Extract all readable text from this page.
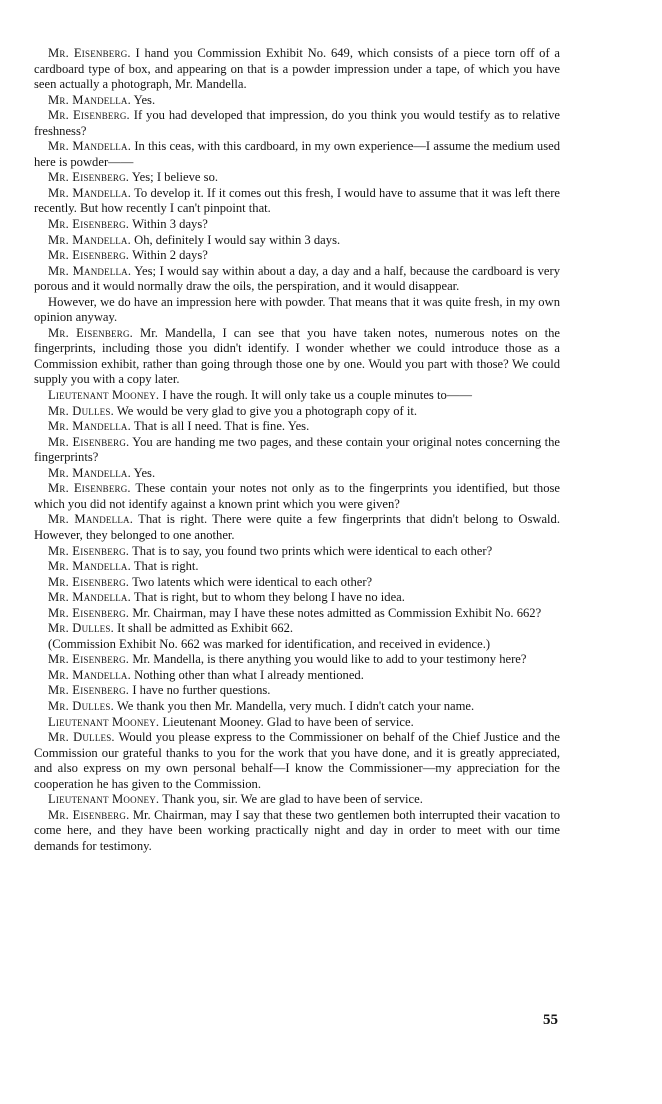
Mr. Eisenberg. I hand you Commission Exhibit No. 649, which consists of a piece torn off of a cardboard type of box, and appearing on that is a powder impression under a tape, of which you have seen actually a photograph, Mr. Mandella.

Mr. Mandella. Yes.

Mr. Eisenberg. If you had developed that impression, do you think you would testify as to relative freshness?

Mr. Mandella. In this ceas, with this cardboard, in my own experience—I assume the medium used here is powder——

Mr. Eisenberg. Yes; I believe so.

Mr. Mandella. To develop it. If it comes out this fresh, I would have to assume that it was left there recently. But how recently I can't pinpoint that.

Mr. Eisenberg. Within 3 days?

Mr. Mandella. Oh, definitely I would say within 3 days.

Mr. Eisenberg. Within 2 days?

Mr. Mandella. Yes; I would say within about a day, a day and a half, because the cardboard is very porous and it would normally draw the oils, the perspiration, and it would disappear.

However, we do have an impression here with powder. That means that it was quite fresh, in my own opinion anyway.

Mr. Eisenberg. Mr. Mandella, I can see that you have taken notes, numerous notes on the fingerprints, including those you didn't identify. I wonder whether we could introduce those as a Commission exhibit, rather than going through those one by one. Would you part with those? We could supply you with a copy later.

Lieutenant Mooney. I have the rough. It will only take us a couple minutes to——

Mr. Dulles. We would be very glad to give you a photograph copy of it.

Mr. Mandella. That is all I need. That is fine. Yes.

Mr. Eisenberg. You are handing me two pages, and these contain your original notes concerning the fingerprints?

Mr. Mandella. Yes.

Mr. Eisenberg. These contain your notes not only as to the fingerprints you identified, but those which you did not identify against a known print which you were given?

Mr. Mandella. That is right. There were quite a few fingerprints that didn't belong to Oswald. However, they belonged to one another.

Mr. Eisenberg. That is to say, you found two prints which were identical to each other?

Mr. Mandella. That is right.

Mr. Eisenberg. Two latents which were identical to each other?

Mr. Mandella. That is right, but to whom they belong I have no idea.

Mr. Eisenberg. Mr. Chairman, may I have these notes admitted as Commission Exhibit No. 662?

Mr. Dulles. It shall be admitted as Exhibit 662.

(Commission Exhibit No. 662 was marked for identification, and received in evidence.)

Mr. Eisenberg. Mr. Mandella, is there anything you would like to add to your testimony here?

Mr. Mandella. Nothing other than what I already mentioned.

Mr. Eisenberg. I have no further questions.

Mr. Dulles. We thank you then Mr. Mandella, very much. I didn't catch your name.

Lieutenant Mooney. Lieutenant Mooney. Glad to have been of service.

Mr. Dulles. Would you please express to the Commissioner on behalf of the Chief Justice and the Commission our grateful thanks to you for the work that you have done, and it is greatly appreciated, and also express on my own personal behalf—I know the Commissioner—my appreciation for the cooperation he has given to the Commission.

Lieutenant Mooney. Thank you, sir. We are glad to have been of service.

Mr. Eisenberg. Mr. Chairman, may I say that these two gentlemen both interrupted their vacation to come here, and they have been working practically night and day in order to meet with our time demands for testimony.

55
